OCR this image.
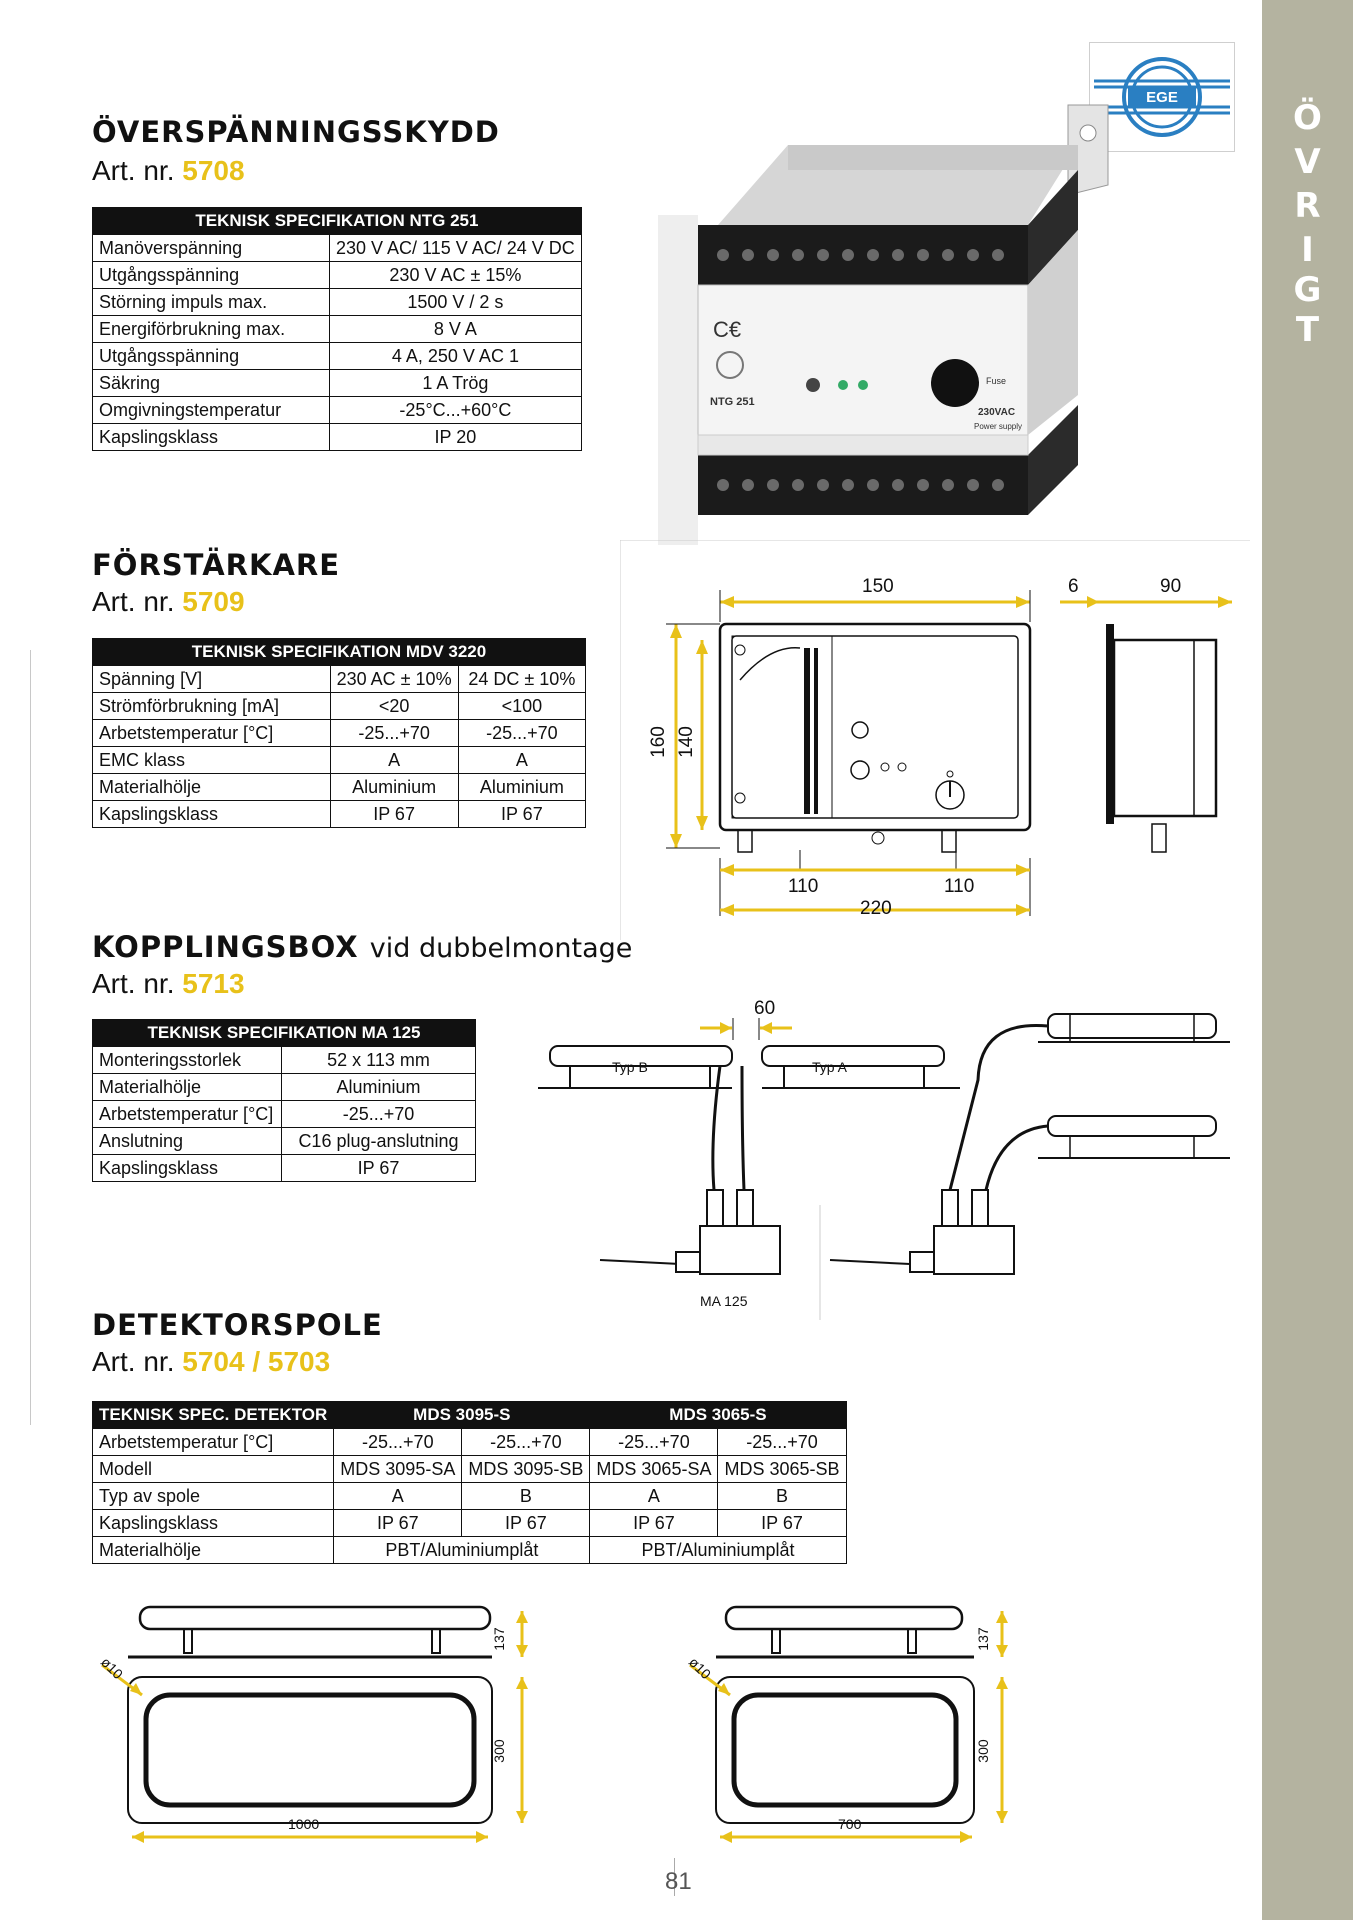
Ö
V
R
I
G
T
EGE
ÖVERSPÄNNINGSSKYDD
Art. nr. 5708
TEKNISK SPECIFIKATION NTG 251	
Manöverspänning	230 V AC/ 115 V AC/ 24 V DC
Utgångsspänning	230 V AC ± 15%
Störning impuls max.	1500 V / 2 s
Energiförbrukning max.	8 V A
Utgångsspänning	4 A, 250 V AC 1
Säkring	1 A Trög
Omgivningstemperatur	-25°C...+60°C
Kapslingsklass	IP 20
C€
NTG 251
Fuse
230VAC
Power supply
FÖRSTÄRKARE
Art. nr. 5709
TEKNISK SPECIFIKATION MDV 3220		
Spänning [V]	230 AC ± 10%	24 DC ± 10%
Strömförbrukning [mA]	<20	<100
Arbetstemperatur [°C]	-25...+70	-25...+70
EMC klass	A	A
Materialhölje	Aluminium	Aluminium
Kapslingsklass	IP 67	IP 67
150	6	90
160 140
110	110
220
KOPPLINGSBOX vid dubbelmontage
Art. nr. 5713
TEKNISK SPECIFIKATION MA 125	
Monteringsstorlek	52 x 113 mm
Materialhölje	Aluminium
Arbetstemperatur [°C]	-25...+70
Anslutning	C16 plug-anslutning
Kapslingsklass	IP 67
60
Typ B	Typ A
MA 125
DETEKTORSPOLE
Art. nr. 5704 / 5703
TEKNISK SPEC. DETEKTOR	MDS 3095-S		MDS 3065-S	
Arbetstemperatur [°C]	-25...+70	-25...+70	-25...+70	-25...+70
Modell	MDS 3095-SA	MDS 3095-SB	MDS 3065-SA	MDS 3065-SB
Typ av spole	A	B	A	B
Kapslingsklass	IP 67	IP 67	IP 67	IP 67
Materialhölje	PBT/Aluminiumplåt		PBT/Aluminiumplåt	
137
300
1000
ø10
137
300
700
ø10
81
